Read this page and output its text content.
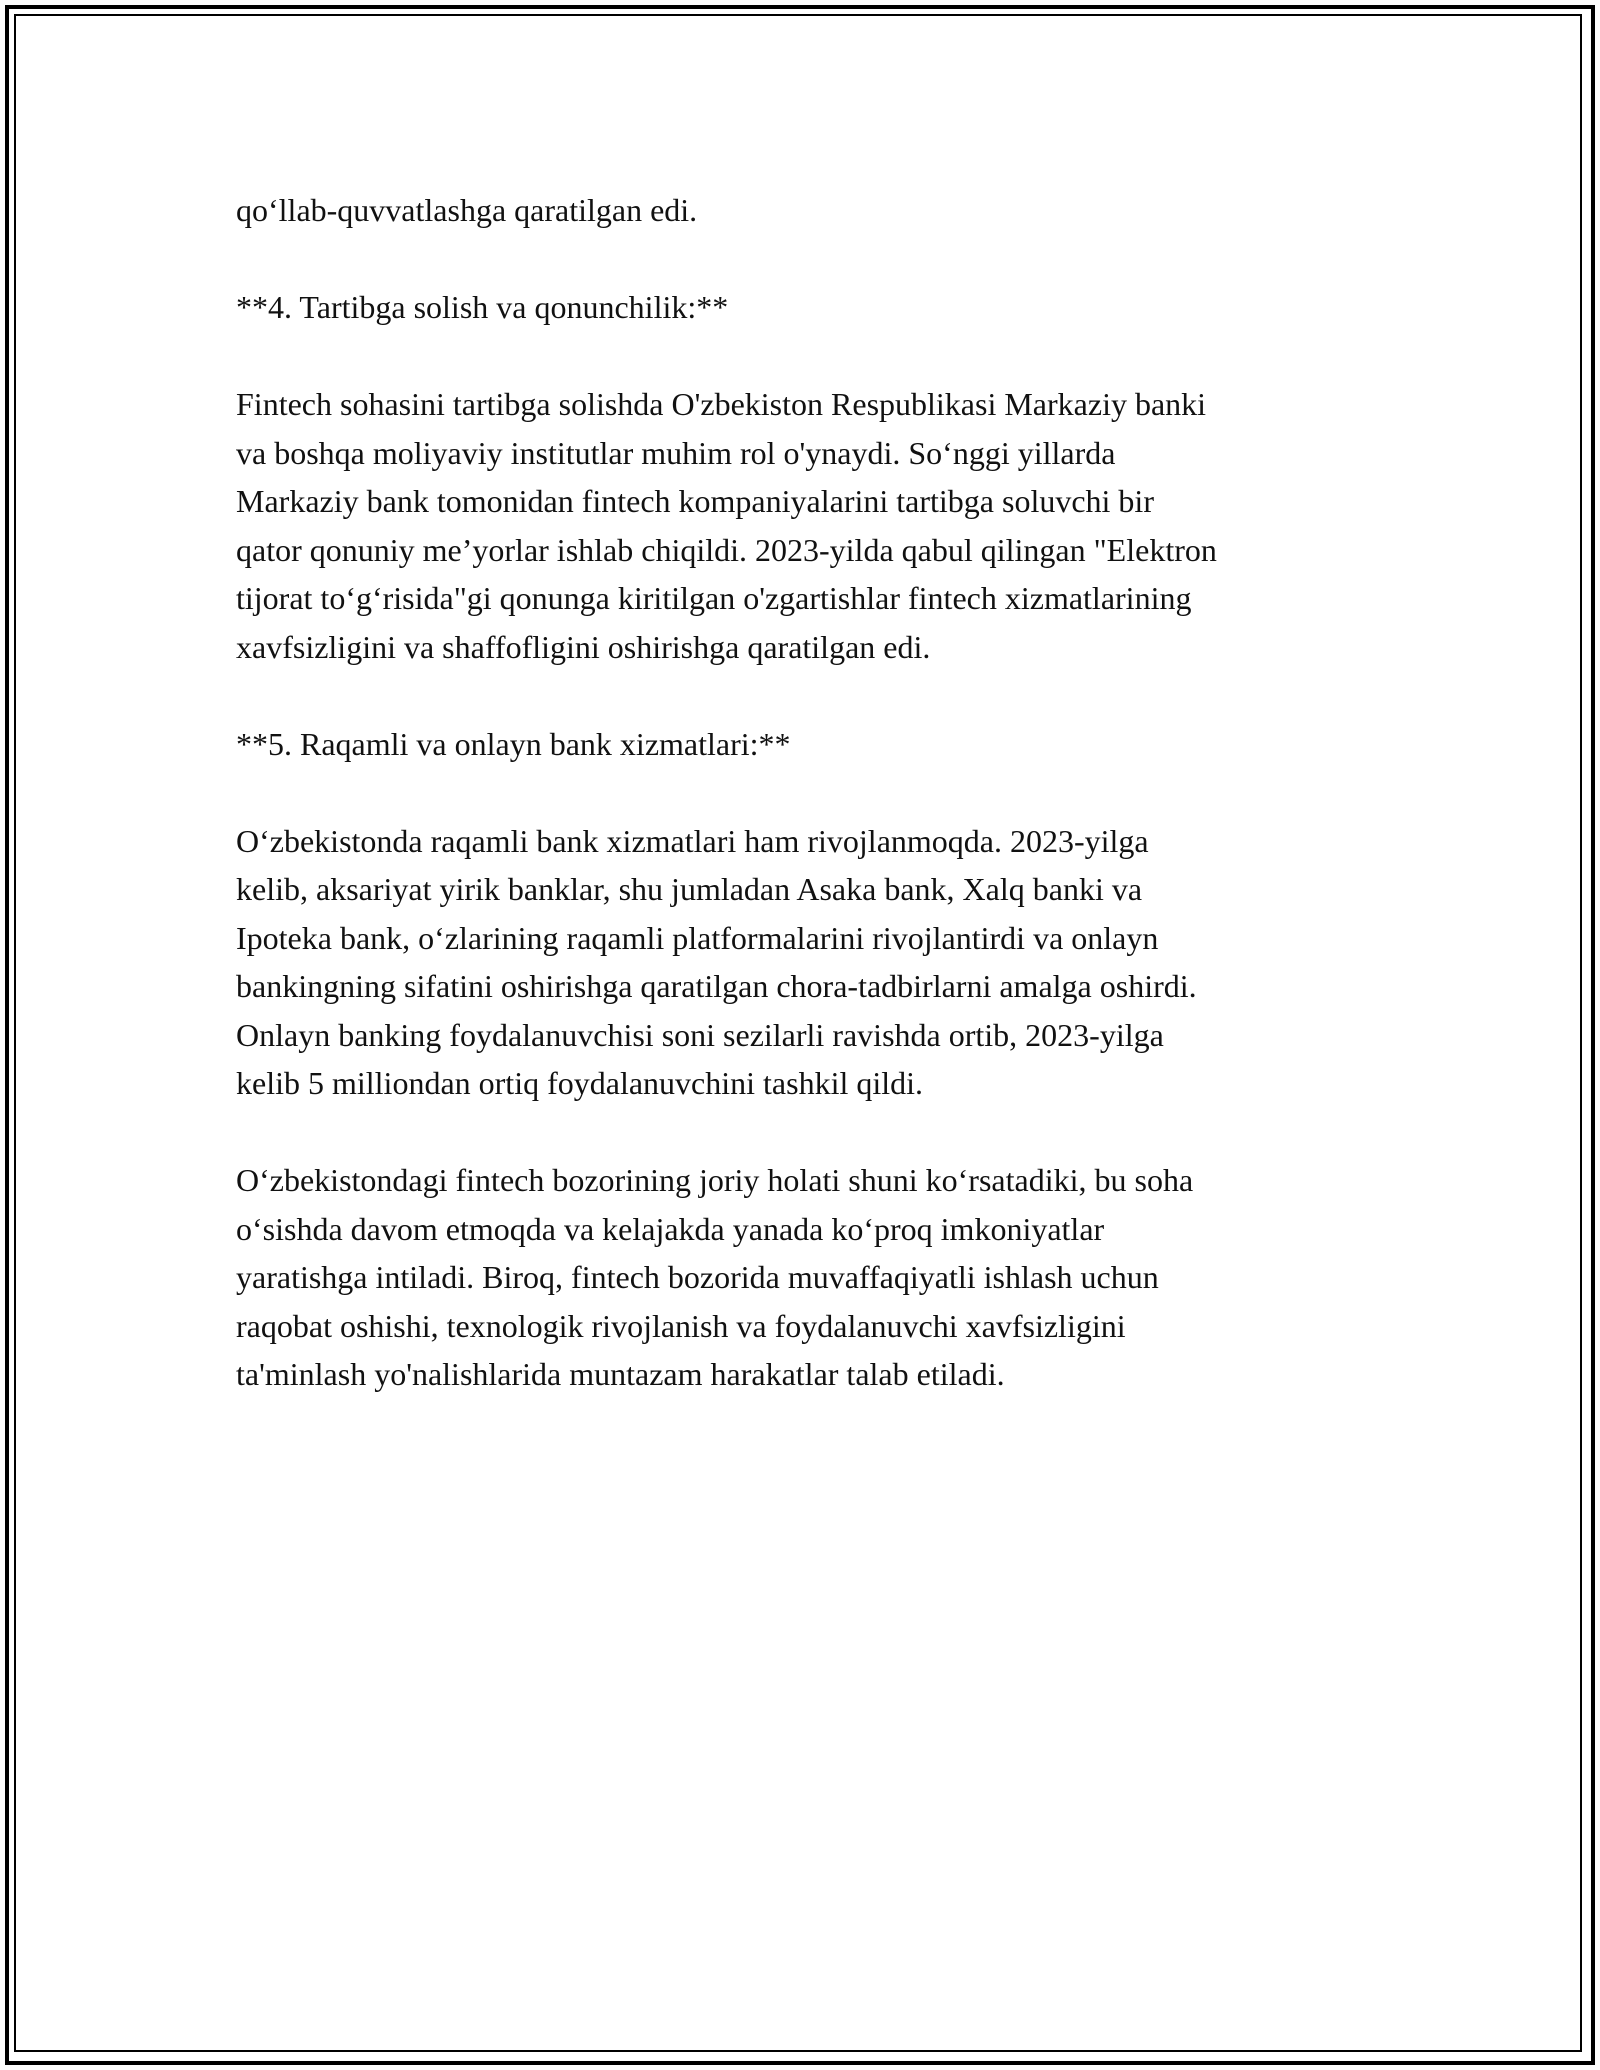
qo‘llab-quvvatlashga qaratilgan edi.

**4. Tartibga solish va qonunchilik:**

Fintech sohasini tartibga solishda O'zbekiston Respublikasi Markaziy banki
va boshqa moliyaviy institutlar muhim rol o'ynaydi. So‘nggi yillarda
Markaziy bank tomonidan fintech kompaniyalarini tartibga soluvchi bir
qator qonuniy me’yorlar ishlab chiqildi. 2023-yilda qabul qilingan "Elektron
tijorat to‘g‘risida"gi qonunga kiritilgan o'zgartishlar fintech xizmatlarining
xavfsizligini va shaffofligini oshirishga qaratilgan edi.

**5. Raqamli va onlayn bank xizmatlari:**

O‘zbekistonda raqamli bank xizmatlari ham rivojlanmoqda. 2023-yilga
kelib, aksariyat yirik banklar, shu jumladan Asaka bank, Xalq banki va
Ipoteka bank, o‘zlarining raqamli platformalarini rivojlantirdi va onlayn
bankingning sifatini oshirishga qaratilgan chora-tadbirlarni amalga oshirdi.
Onlayn banking foydalanuvchisi soni sezilarli ravishda ortib, 2023-yilga
kelib 5 milliondan ortiq foydalanuvchini tashkil qildi.

O‘zbekistondagi fintech bozorining joriy holati shuni ko‘rsatadiki, bu soha
o‘sishda davom etmoqda va kelajakda yanada ko‘proq imkoniyatlar
yaratishga intiladi. Biroq, fintech bozorida muvaffaqiyatli ishlash uchun
raqobat oshishi, texnologik rivojlanish va foydalanuvchi xavfsizligini
ta'minlash yo'nalishlarida muntazam harakatlar talab etiladi.
